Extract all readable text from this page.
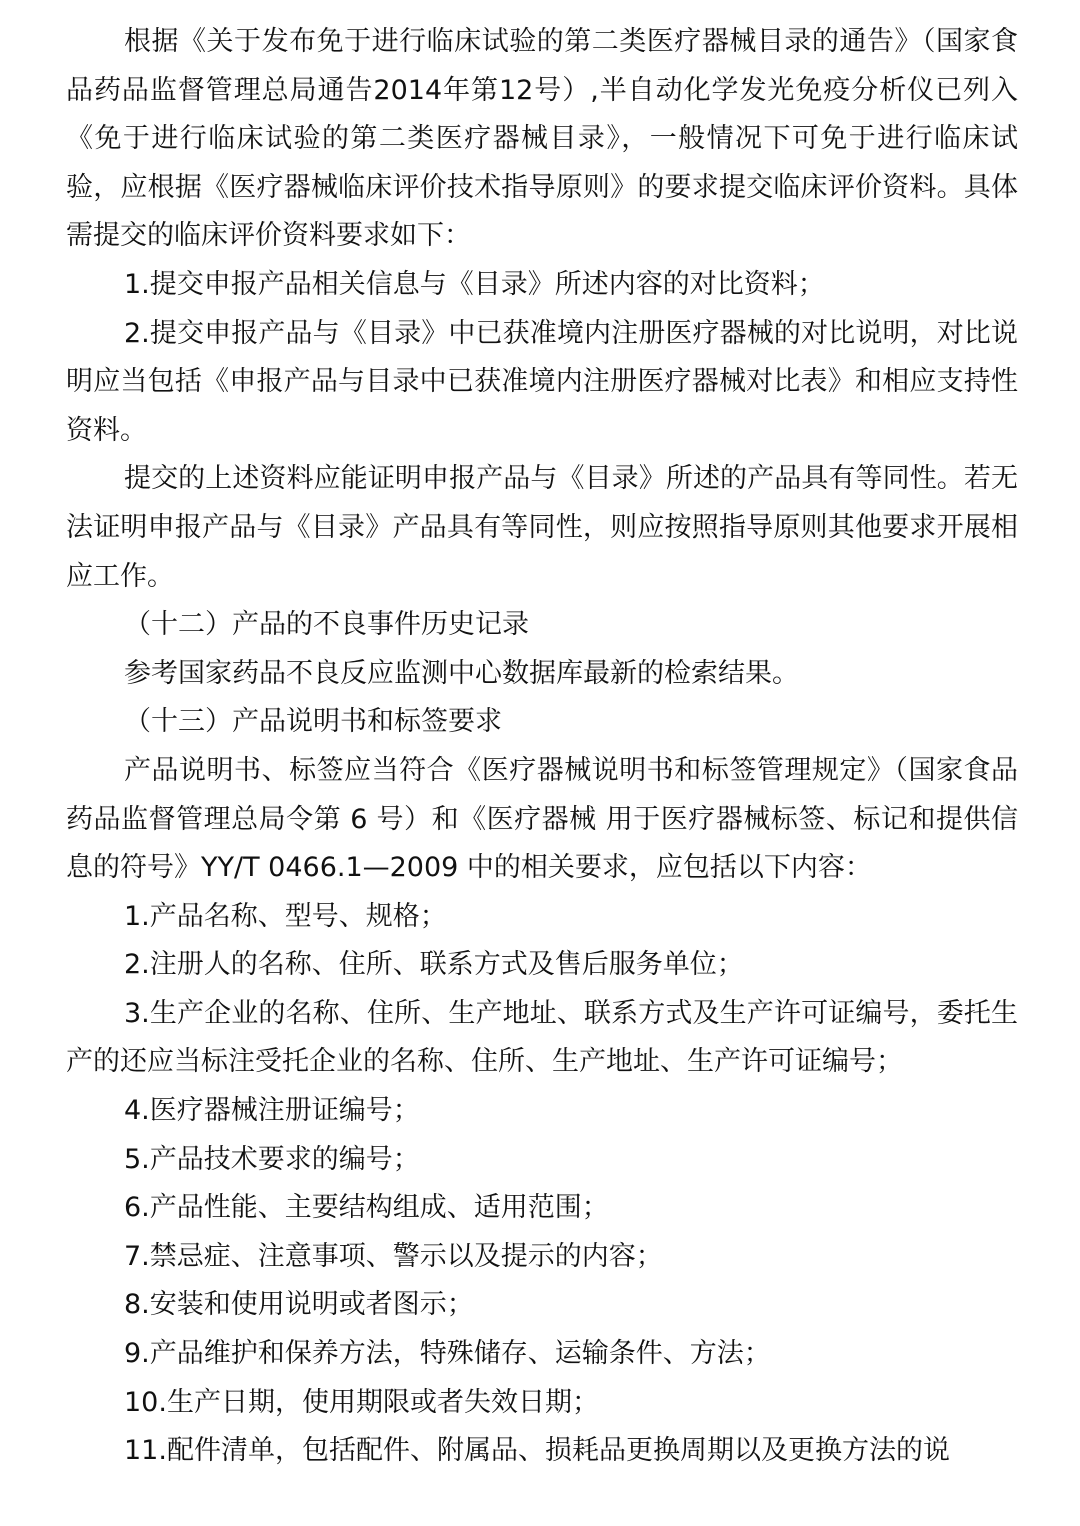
根据《关于发布免于进行临床试验的第二类医疗器械目录的通告》（国家食品药品监督管理总局通告2014年第12号）,半自动化学发光免疫分析仪已列入《免于进行临床试验的第二类医疗器械目录》，一般情况下可免于进行临床试验，应根据《医疗器械临床评价技术指导原则》的要求提交临床评价资料。具体需提交的临床评价资料要求如下：

1.提交申报产品相关信息与《目录》所述内容的对比资料；

2.提交申报产品与《目录》中已获准境内注册医疗器械的对比说明，对比说明应当包括《申报产品与目录中已获准境内注册医疗器械对比表》和相应支持性资料。

提交的上述资料应能证明申报产品与《目录》所述的产品具有等同性。若无法证明申报产品与《目录》产品具有等同性，则应按照指导原则其他要求开展相应工作。

（十二）产品的不良事件历史记录

参考国家药品不良反应监测中心数据库最新的检索结果。

（十三）产品说明书和标签要求

产品说明书、标签应当符合《医疗器械说明书和标签管理规定》（国家食品药品监督管理总局令第 6 号）和《医疗器械 用于医疗器械标签、标记和提供信息的符号》YY/T 0466.1—2009 中的相关要求，应包括以下内容：

1.产品名称、型号、规格；

2.注册人的名称、住所、联系方式及售后服务单位；

3.生产企业的名称、住所、生产地址、联系方式及生产许可证编号，委托生产的还应当标注受托企业的名称、住所、生产地址、生产许可证编号；

4.医疗器械注册证编号；

5.产品技术要求的编号；

6.产品性能、主要结构组成、适用范围；

7.禁忌症、注意事项、警示以及提示的内容；

8.安装和使用说明或者图示；

9.产品维护和保养方法，特殊储存、运输条件、方法；

10.生产日期，使用期限或者失效日期；

11.配件清单，包括配件、附属品、损耗品更换周期以及更换方法的说
